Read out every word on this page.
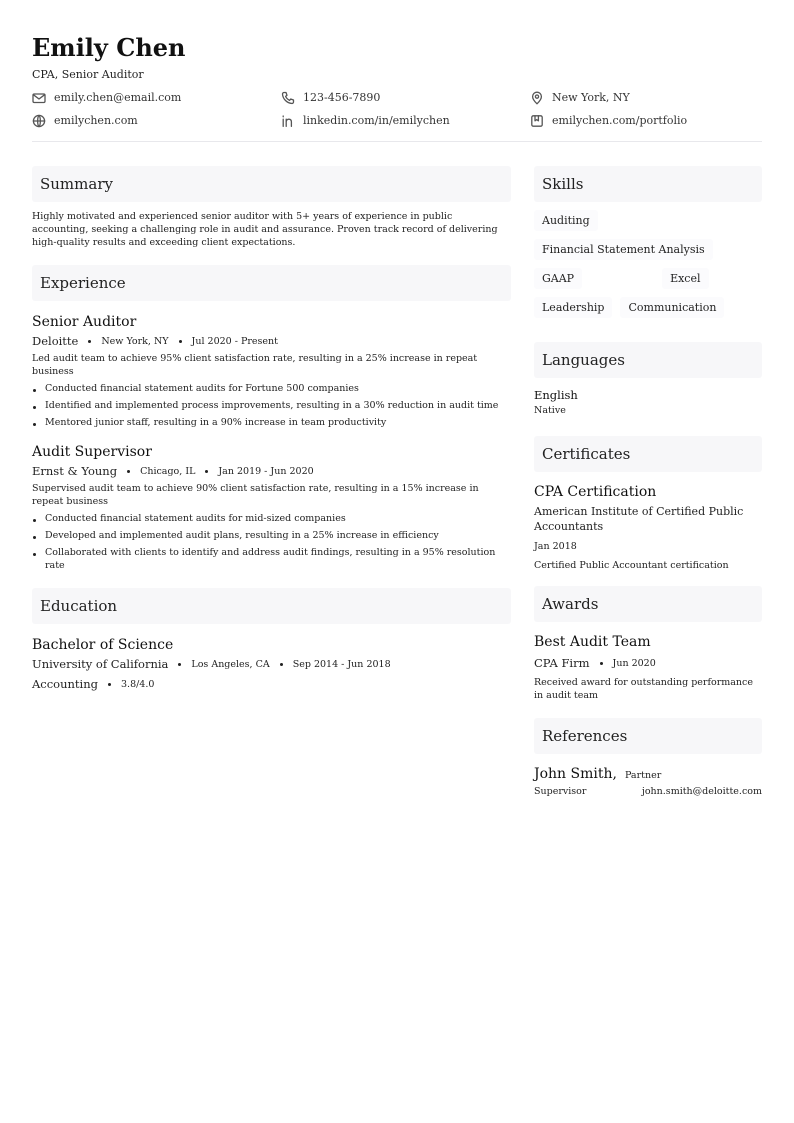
Emily Chen
CPA, Senior Auditor
emily.chen@email.com	123-456-7890	New York, NY
emilychen.com	linkedin.com/in/emilychen	emilychen.com/portfolio
Summary
Highly motivated and experienced senior auditor with 5+ years of experience in public accounting, seeking a challenging role in audit and assurance. Proven track record of delivering high-quality results and exceeding client expectations.
Experience
Senior Auditor
Deloitte New York, NY Jul 2020 - Present
Led audit team to achieve 95% client satisfaction rate, resulting in a 25% increase in repeat business
Conducted financial statement audits for Fortune 500 companies
Identified and implemented process improvements, resulting in a 30% reduction in audit time
Mentored junior staff, resulting in a 90% increase in team productivity
Audit Supervisor
Ernst & Young Chicago, IL Jan 2019 - Jun 2020
Supervised audit team to achieve 90% client satisfaction rate, resulting in a 15% increase in repeat business
Conducted financial statement audits for mid-sized companies
Developed and implemented audit plans, resulting in a 25% increase in efficiency
Collaborated with clients to identify and address audit findings, resulting in a 95% resolution rate
Education
Bachelor of Science
University of California Los Angeles, CA Sep 2014 - Jun 2018
Accounting 3.8/4.0
Skills
Auditing
Financial Statement Analysis
GAAP	Excel
Leadership	Communication
Languages
English
Native
Certificates
CPA Certification
American Institute of Certified Public Accountants
Jan 2018
Certified Public Accountant certification
Awards
Best Audit Team
CPA Firm Jun 2020
Received award for outstanding performance in audit team
References
John Smith, Partner
Supervisor	john.smith@deloitte.com
